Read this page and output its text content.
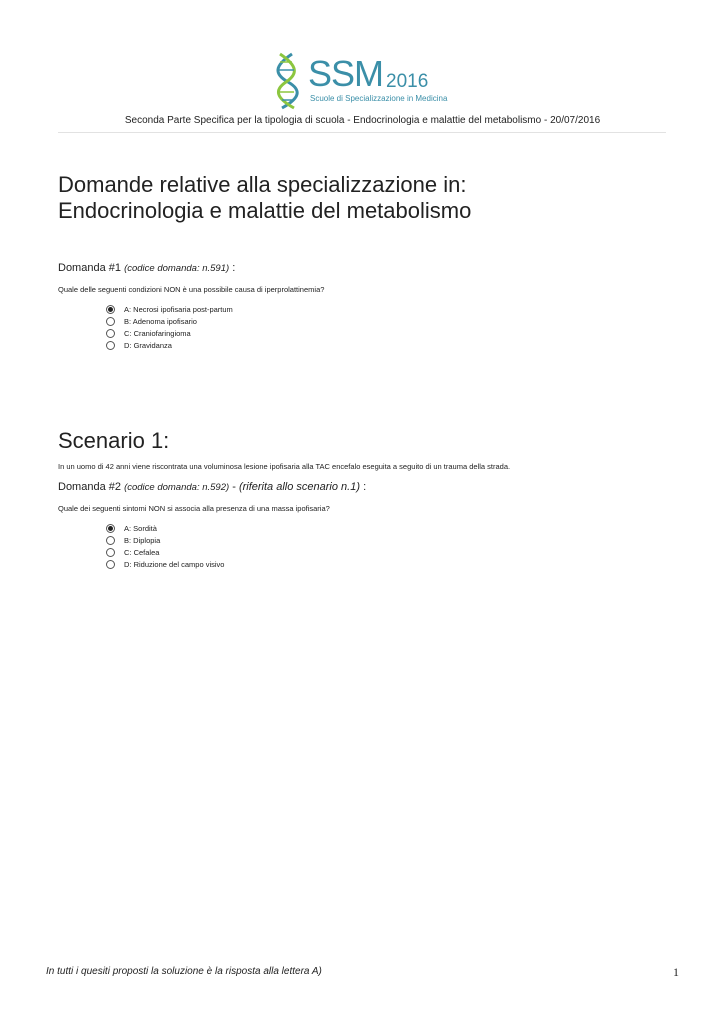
SSM 2016
Scuole di Specializzazione in Medicina
Seconda Parte Specifica per la tipologia di scuola - Endocrinologia e malattie del metabolismo - 20/07/2016
Domande relative alla specializzazione in:
Endocrinologia e malattie del metabolismo
Domanda #1 (codice domanda: n.591) :
Quale delle seguenti condizioni NON è una possibile causa di iperprolattinemia?
A: Necrosi ipofisaria post-partum
B: Adenoma ipofisario
C: Craniofaringioma
D: Gravidanza
Scenario 1:
In un uomo di 42 anni viene riscontrata una voluminosa lesione ipofisaria alla TAC encefalo eseguita a seguito di un trauma della strada.
Domanda #2 (codice domanda: n.592) - (riferita allo scenario n.1) :
Quale dei seguenti sintomi NON si associa alla presenza di una massa ipofisaria?
A: Sordità
B: Diplopia
C: Cefalea
D: Riduzione del campo visivo
In tutti i quesiti proposti la soluzione è la risposta alla lettera A)	1
